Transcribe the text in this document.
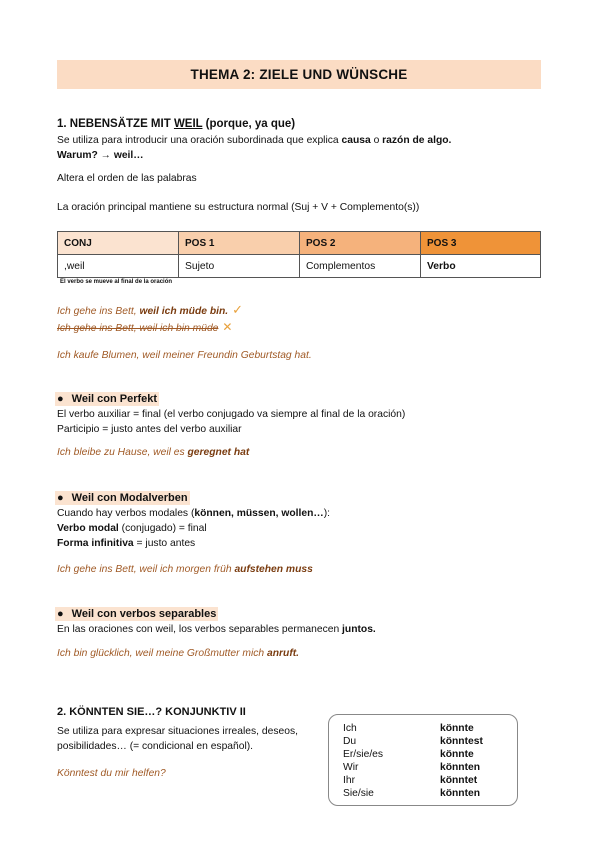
THEMA 2: ZIELE UND WÜNSCHE
1. NEBENSÄTZE MIT WEIL (porque, ya que)
Se utiliza para introducir una oración subordinada que explica causa o razón de algo.
Warum? → weil…
Altera el orden de las palabras
La oración principal mantiene su estructura normal (Suj + V + Complemento(s))
CONJ	POS 1	POS 2	POS 3
,weil	Sujeto	Complementos	Verbo
El verbo se mueve al final de la oración
Ich gehe ins Bett, weil ich müde bin. ✓
Ich gehe ins Bett, weil ich bin müde ✕
Ich kaufe Blumen, weil meiner Freundin Geburtstag hat.
● Weil con Perfekt
El verbo auxiliar = final (el verbo conjugado va siempre al final de la oración)
Participio = justo antes del verbo auxiliar
Ich bleibe zu Hause, weil es geregnet hat
● Weil con Modalverben
Cuando hay verbos modales (können, müssen, wollen…):
Verbo modal (conjugado) = final
Forma infinitiva = justo antes
Ich gehe ins Bett, weil ich morgen früh aufstehen muss
● Weil con verbos separables
En las oraciones con weil, los verbos separables permanecen juntos.
Ich bin glücklich, weil meine Großmutter mich anruft.
2. KÖNNTEN SIE…? KONJUNKTIV II
Se utiliza para expresar situaciones irreales, deseos,
posibilidades… (= condicional en español).
Könntest du mir helfen?
Ich	könnte
Du	könntest
Er/sie/es	könnte
Wir	könnten
Ihr	könntet
Sie/sie	könnten
